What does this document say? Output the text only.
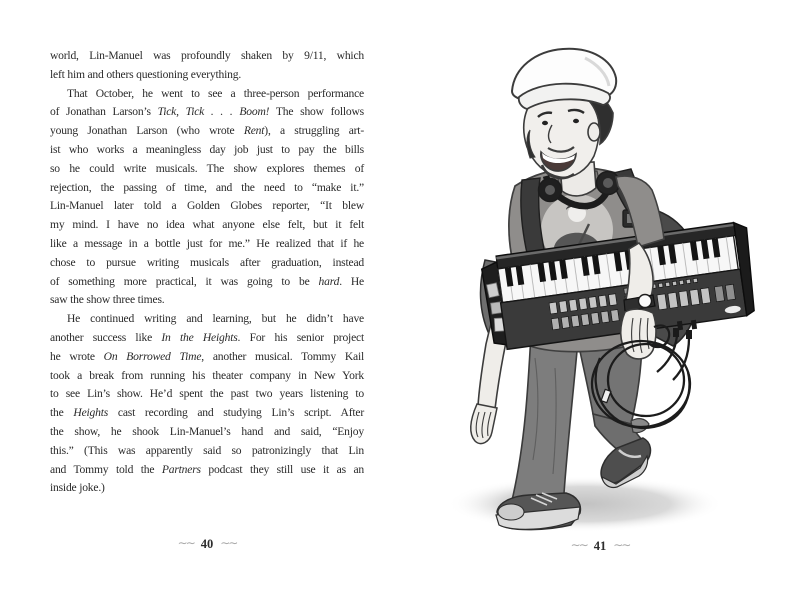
world, Lin-Manuel was profoundly shaken by 9/11, which
left him and others questioning everything.
That October, he went to see a three-person performance
of Jonathan Larson’s Tick, Tick . . . Boom! The show follows
young Jonathan Larson (who wrote Rent), a struggling art-
ist who works a meaningless day job just to pay the bills
so he could write musicals. The show explores themes of
rejection, the passing of time, and the need to “make it.”
Lin-Manuel later told a Golden Globes reporter, “It blew
my mind. I have no idea what anyone else felt, but it felt
like a message in a bottle just for me.” He realized that if he
chose to pursue writing musicals after graduation, instead
of something more practical, it was going to be hard. He
saw the show three times.
He continued writing and learning, but he didn’t have
another success like In the Heights. For his senior project
he wrote On Borrowed Time, another musical. Tommy Kail
took a break from running his theater company in New York
to see Lin’s show. He’d spent the past two years listening to
the Heights cast recording and studying Lin’s script. After
the show, he shook Lin-Manuel’s hand and said, “Enjoy
this.” (This was apparently said so patronizingly that Lin
and Tommy told the Partners podcast they still use it as an
inside joke.)
∼∼ 40 ∼∼	∼∼ 41 ∼∼
